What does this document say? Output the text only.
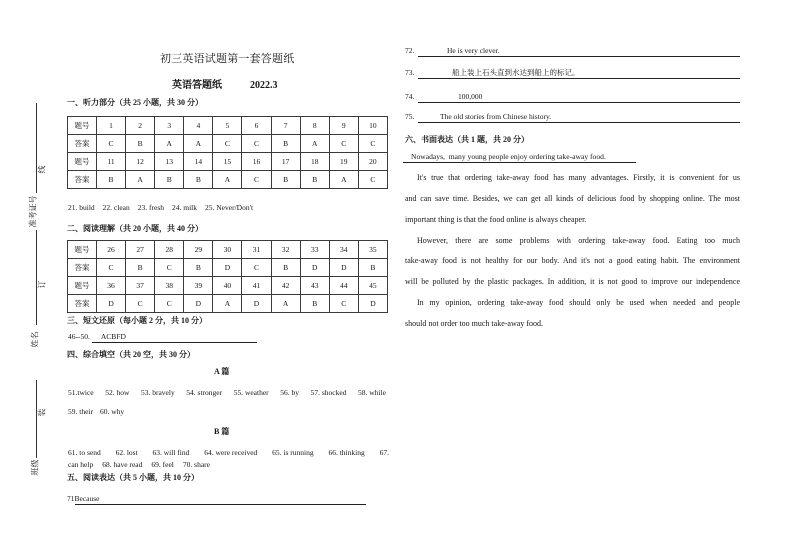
初三英语试题第一套答题纸
英语答题纸	2022.3
准考证号
线
订
姓名
装
班级
一、听力部分（共 25 小题，共 30 分）
题号	1	2	3	4	5	6	7	8	9	10
答案	C	B	A	A	C	C	B	A	C	C
题号	11	12	13	14	15	16	17	18	19	20
答案	B	A	B	B	A	C	B	B	A	C
21. build 22. clean 23. fresh 24. milk 25. Never/Don't
二、阅读理解（共 20 小题，共 40 分）
题号	26	27	28	29	30	31	32	33	34	35
答案	C	B	C	B	D	C	B	D	D	B
题号	36	37	38	39	40	41	42	43	44	45
答案	D	C	C	D	A	D	A	B	C	D
三、短文还原（每小题 2 分，共 10 分）
46--50. ACBFD
四、综合填空（共 20 空，共 30 分）
A 篇
51.twice 52. how 53. bravely 54. stronger 55. weather 56. by 57. shocked 58. while
59. their 60. why
B 篇
61. to send 62. lost 63. will find 64. were received 65. is running 66. thinking 67.
can help 68. have read 69. feel 70. share
五、阅读表达（共 5 小题，共 10 分）
71Because
72.	He is very clever.
73.	船上装上石头直到水达到船上的标记。
74.	100,000
75.	The old stories from Chinese history.
六、书面表达（共 1 题，共 20 分）
Nowadays,  many young people enjoy ordering take-away food.
It's true that ordering take-away food has many advantages. Firstly, it is convenient for us
and can save time. Besides, we can get all kinds of delicious food by shopping online. The most
important thing is that the food online is always cheaper.
However, there are some problems with ordering take-away food. Eating too much
take-away food is not healthy for our body. And it's not a good eating habit. The environment
will be polluted by the plastic packages. In addition, it is not good to improve our independence
In my opinion, ordering take-away food should only be used when needed and people
should not order too much take-away food.
